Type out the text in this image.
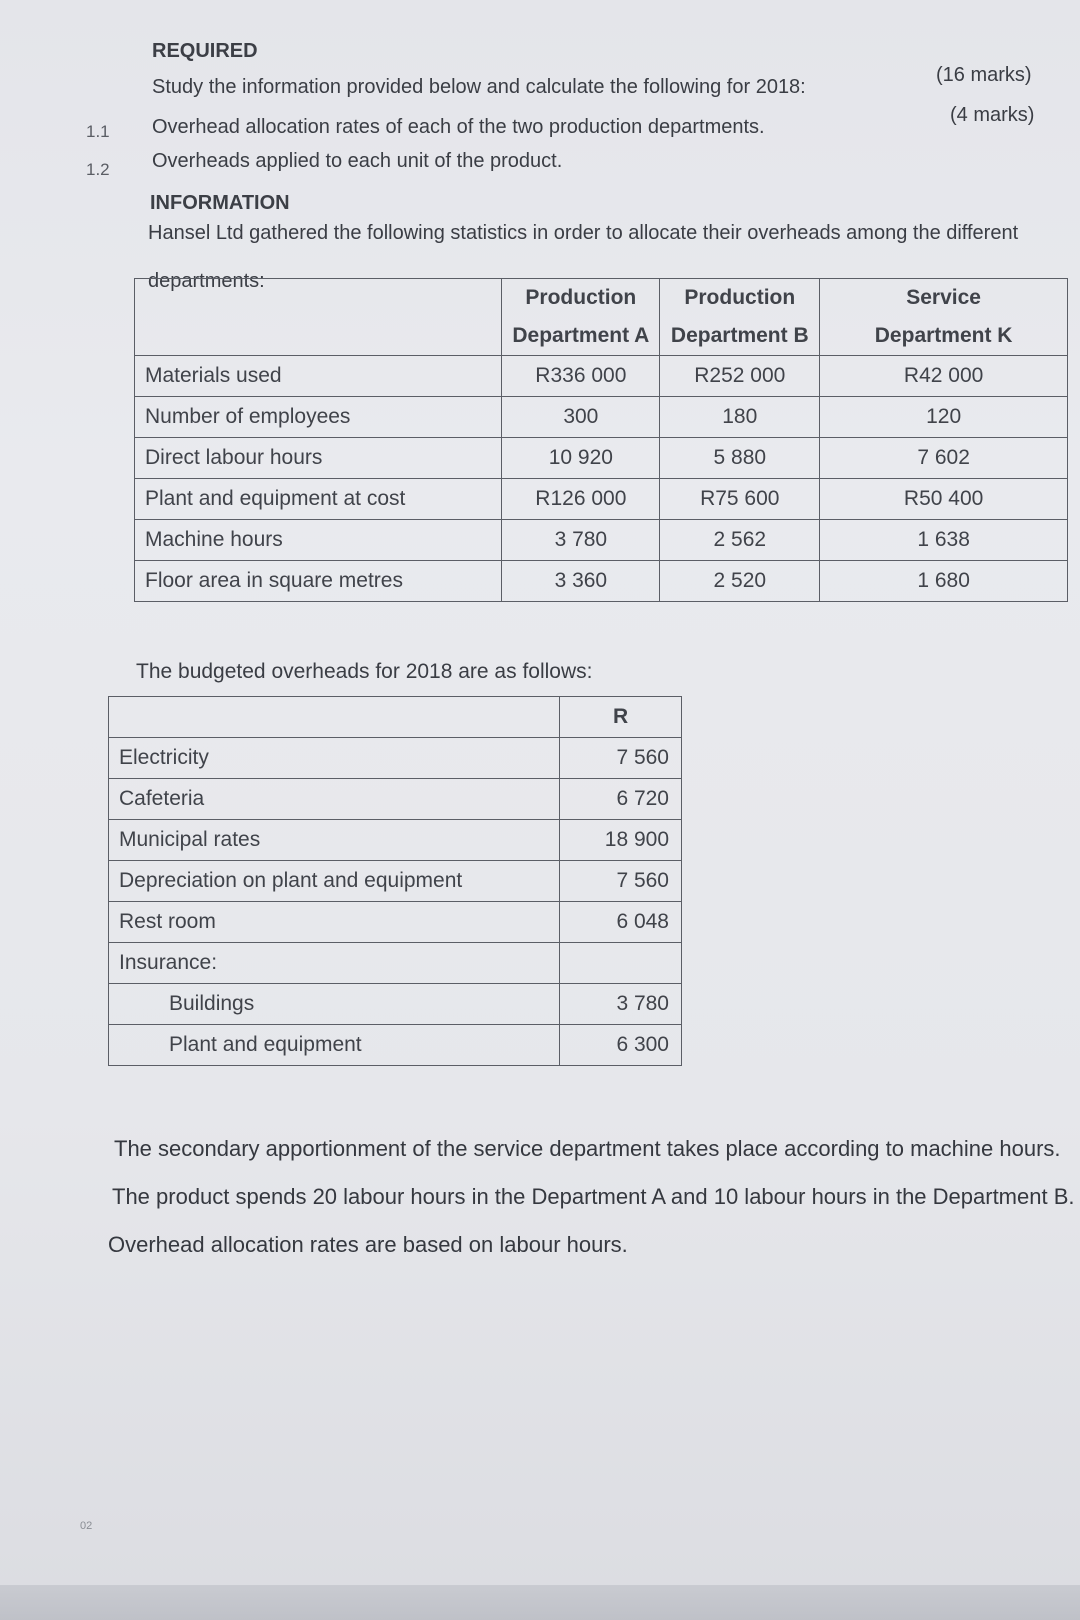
REQUIRED
Study the information provided below and calculate the following for 2018:
1.1 Overhead allocation rates of each of the two production departments.
(16 marks)
1.2 Overheads applied to each unit of the product.
(4 marks)
INFORMATION
Hansel Ltd gathered the following statistics in order to allocate their overheads among the different
departments:
	Production	Production	Service
	Department A	Department B	Department K
Materials used	R336 000	R252 000	R42 000
Number of employees	300	180	120
Direct labour hours	10 920	5 880	7 602
Plant and equipment at cost	R126 000	R75 600	R50 400
Machine hours	3 780	2 562	1 638
Floor area in square metres	3 360	2 520	1 680
The budgeted overheads for 2018 are as follows:
	R
Electricity	7 560
Cafeteria	6 720
Municipal rates	18 900
Depreciation on plant and equipment	7 560
Rest room	6 048
Insurance:	
Buildings	3 780
Plant and equipment	6 300
The secondary apportionment of the service department takes place according to machine hours.
The product spends 20 labour hours in the Department A and 10 labour hours in the Department B.
Overhead allocation rates are based on labour hours.
02
